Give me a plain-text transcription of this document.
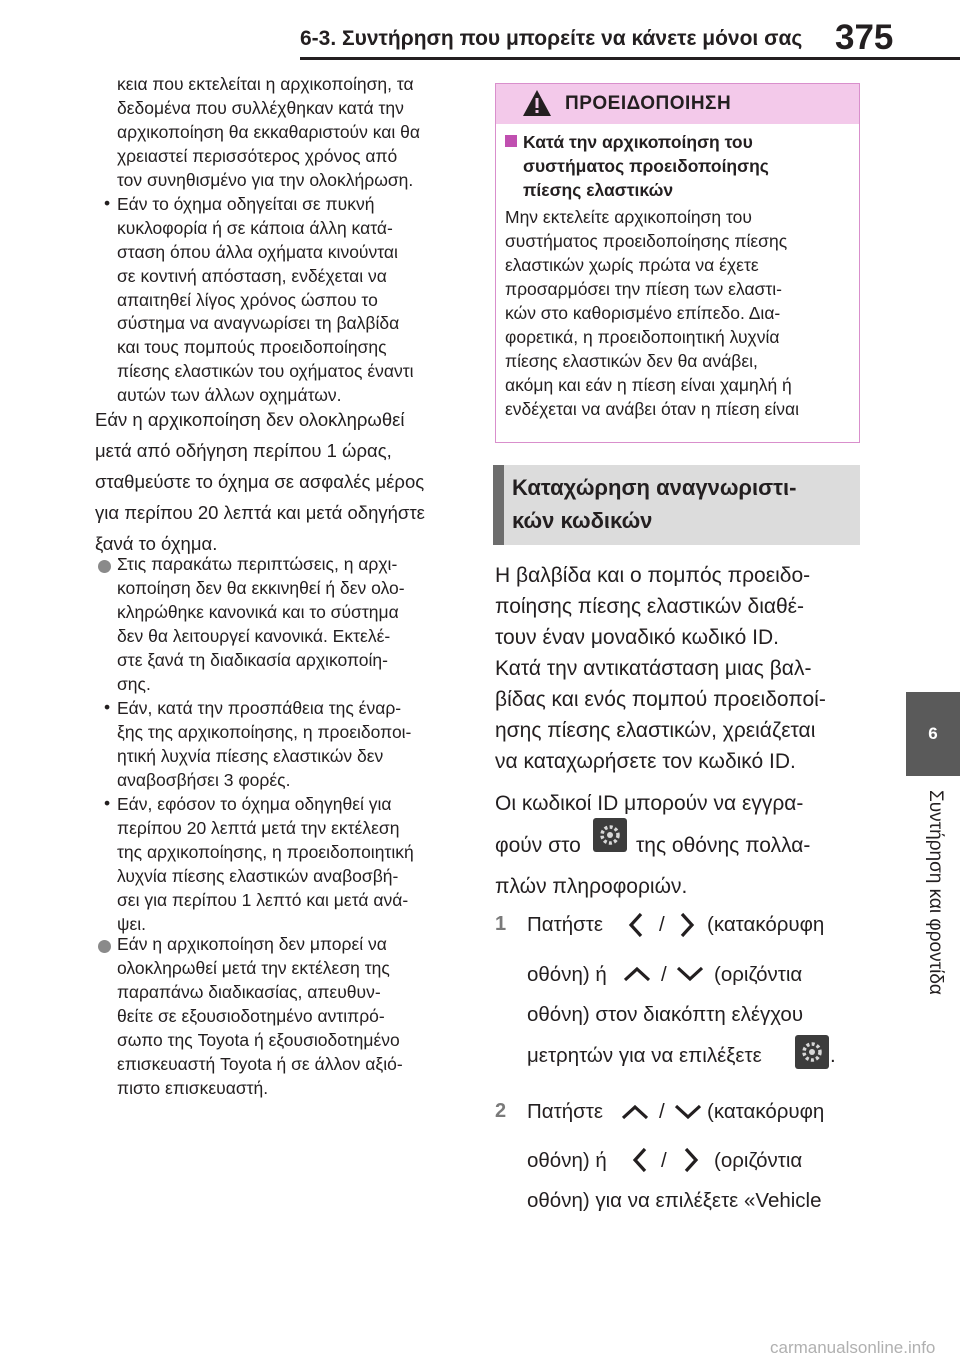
6-3. Συντήρηση που μπορείτε να κάνετε μόνοι σας 375
6
Συντήρηση και φροντίδα
κεια που εκτελείται η αρχικοποίηση, τα
δεδομένα που συλλέχθηκαν κατά την
αρχικοποίηση θα εκκαθαριστούν και θα
χρειαστεί περισσότερος χρόνος από
τον συνηθισμένο για την ολοκλήρωση.
• Εάν το όχημα οδηγείται σε πυκνή
κυκλοφορία ή σε κάποια άλλη κατά-
σταση όπου άλλα οχήματα κινούνται
σε κοντινή απόσταση, ενδέχεται να
απαιτηθεί λίγος χρόνος ώσπου το
σύστημα να αναγνωρίσει τη βαλβίδα
και τους πομπούς προειδοποίησης
πίεσης ελαστικών του οχήματος έναντι
αυτών των άλλων οχημάτων.
Εάν η αρχικοποίηση δεν ολοκληρωθεί
μετά από οδήγηση περίπου 1 ώρας,
σταθμεύστε το όχημα σε ασφαλές μέρος
για περίπου 20 λεπτά και μετά οδηγήστε
ξανά το όχημα.
Στις παρακάτω περιπτώσεις, η αρχι-
κοποίηση δεν θα εκκινηθεί ή δεν ολο-
κληρώθηκε κανονικά και το σύστημα
δεν θα λειτουργεί κανονικά. Εκτελέ-
στε ξανά τη διαδικασία αρχικοποίη-
σης.
• Εάν, κατά την προσπάθεια της έναρ-
ξης της αρχικοποίησης, η προειδοποι-
ητική λυχνία πίεσης ελαστικών δεν
αναβοσβήσει 3 φορές.
• Εάν, εφόσον το όχημα οδηγηθεί για
περίπου 20 λεπτά μετά την εκτέλεση
της αρχικοποίησης, η προειδοποιητική
λυχνία πίεσης ελαστικών αναβοσβή-
σει για περίπου 1 λεπτό και μετά ανά-
ψει.
Εάν η αρχικοποίηση δεν μπορεί να
ολοκληρωθεί μετά την εκτέλεση της
παραπάνω διαδικασίας, απευθυν-
θείτε σε εξουσιοδοτημένο αντιπρό-
σωπο της Toyota ή εξουσιοδοτημένο
επισκευαστή Toyota ή σε άλλον αξιό-
πιστο επισκευαστή.
ΠΡΟΕΙΔΟΠΟΙΗΣΗ
Κατά την αρχικοποίηση του
συστήματος προειδοποίησης
πίεσης ελαστικών
Μην εκτελείτε αρχικοποίηση του
συστήματος προειδοποίησης πίεσης
ελαστικών χωρίς πρώτα να έχετε
προσαρμόσει την πίεση των ελαστι-
κών στο καθορισμένο επίπεδο. Δια-
φορετικά, η προειδοποιητική λυχνία
πίεσης ελαστικών δεν θα ανάβει,
ακόμη και εάν η πίεση είναι χαμηλή ή
ενδέχεται να ανάβει όταν η πίεση είναι
Καταχώρηση αναγνωριστι-
κών κωδικών
Η βαλβίδα και ο πομπός προειδο-
ποίησης πίεσης ελαστικών διαθέ-
τουν έναν μοναδικό κωδικό ID.
Κατά την αντικατάσταση μιας βαλ-
βίδας και ενός πομπού προειδοποί-
ησης πίεσης ελαστικών, χρειάζεται
να καταχωρήσετε τον κωδικό ID.
Οι κωδικοί ID μπορούν να εγγρα-
φούν στο	της οθόνης πολλα-
πλών πληροφοριών.
1 Πατήστε	/ (κατακόρυφη
οθόνη) ή	/ (οριζόντια
οθόνη) στον διακόπτη ελέγχου
μετρητών για να επιλέξετε	.
2 Πατήστε	/ (κατακόρυφη
οθόνη) ή	/ (οριζόντια
οθόνη) για να επιλέξετε «Vehicle
carmanualsonline.info
